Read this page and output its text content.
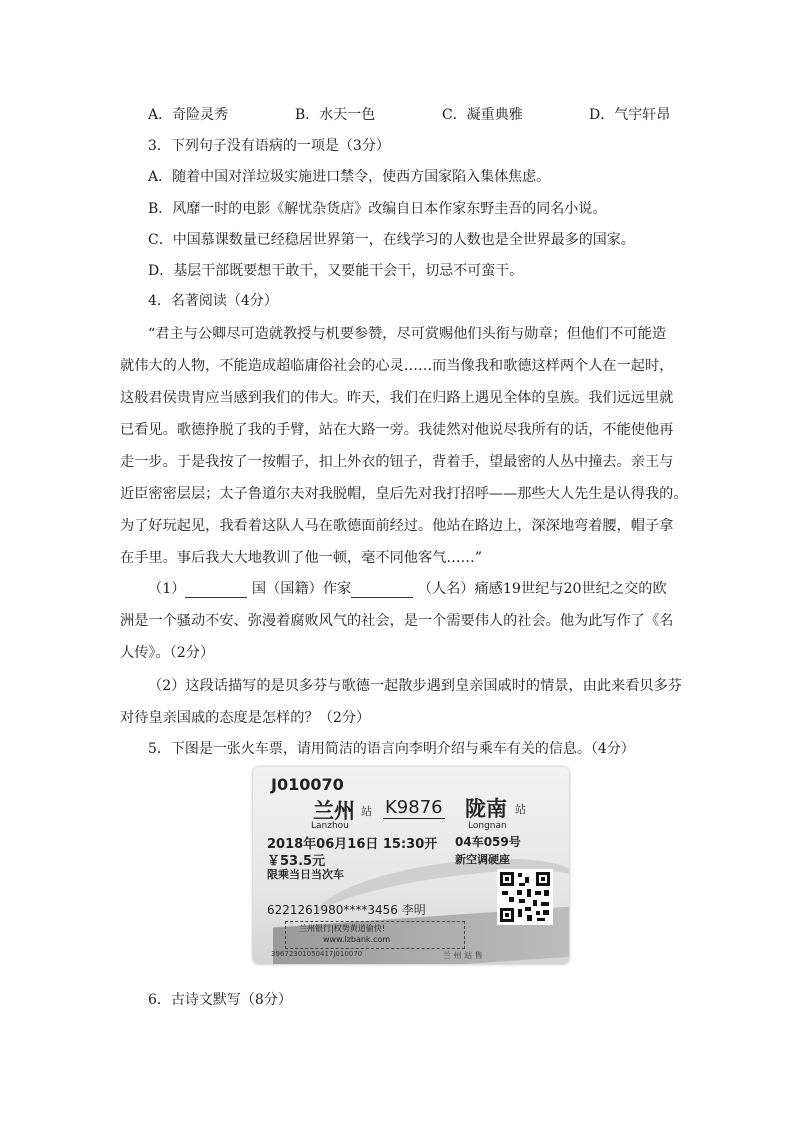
A．奇险灵秀	B．水天一色	C．凝重典雅	D．气宇轩昂
3．下列句子没有语病的一项是（3分）
A．随着中国对洋垃圾实施进口禁令，使西方国家陷入集体焦虑。
B．风靡一时的电影《解忧杂货店》改编自日本作家东野圭吾的同名小说。
C．中国慕课数量已经稳居世界第一，在线学习的人数也是全世界最多的国家。
D．基层干部既要想干敢干，又要能干会干，切忌不可蛮干。
4．名著阅读（4分）
“君主与公卿尽可造就教授与机要参赞，尽可赏赐他们头衔与勋章；但他们不可能造
就伟大的人物，不能造成超临庸俗社会的心灵……而当像我和歌德这样两个人在一起时，
这般君侯贵胄应当感到我们的伟大。昨天，我们在归路上遇见全体的皇族。我们远远里就
已看见。歌德挣脱了我的手臂，站在大路一旁。我徒然对他说尽我所有的话，不能使他再
走一步。于是我按了一按帽子，扣上外衣的钮子，背着手，望最密的人丛中撞去。亲王与
近臣密密层层；太子鲁道尔夫对我脱帽，皇后先对我打招呼——那些大人先生是认得我的。
为了好玩起见，我看着这队人马在歌德面前经过。他站在路边上，深深地弯着腰，帽子拿
在手里。事后我大大地教训了他一顿，毫不同他客气……”
（1）	国（国籍）作家	（人名）痛感19世纪与20世纪之交的欧
洲是一个骚动不安、弥漫着腐败风气的社会，是一个需要伟人的社会。他为此写作了《名
人传》。（2分）
（2）这段话描写的是贝多芬与歌德一起散步遇到皇亲国戚时的情景，由此来看贝多芬
对待皇亲国戚的态度是怎样的？（2分）
5．下图是一张火车票，请用简洁的语言向李明介绍与乘车有关的信息。（4分）
J010070
兰州 站 K9876 陇南 站
Lanzhou	Longnan
2018年06月16日 15:30开 04车059号
￥53.5元	新空调硬座
限乘当日当次车
6221261980****3456 李明
兰州银行|权势黄道偷快!
www.lzbank.com
39672301050417J010070	兰 州 站 售
6．古诗文默写（8分）
